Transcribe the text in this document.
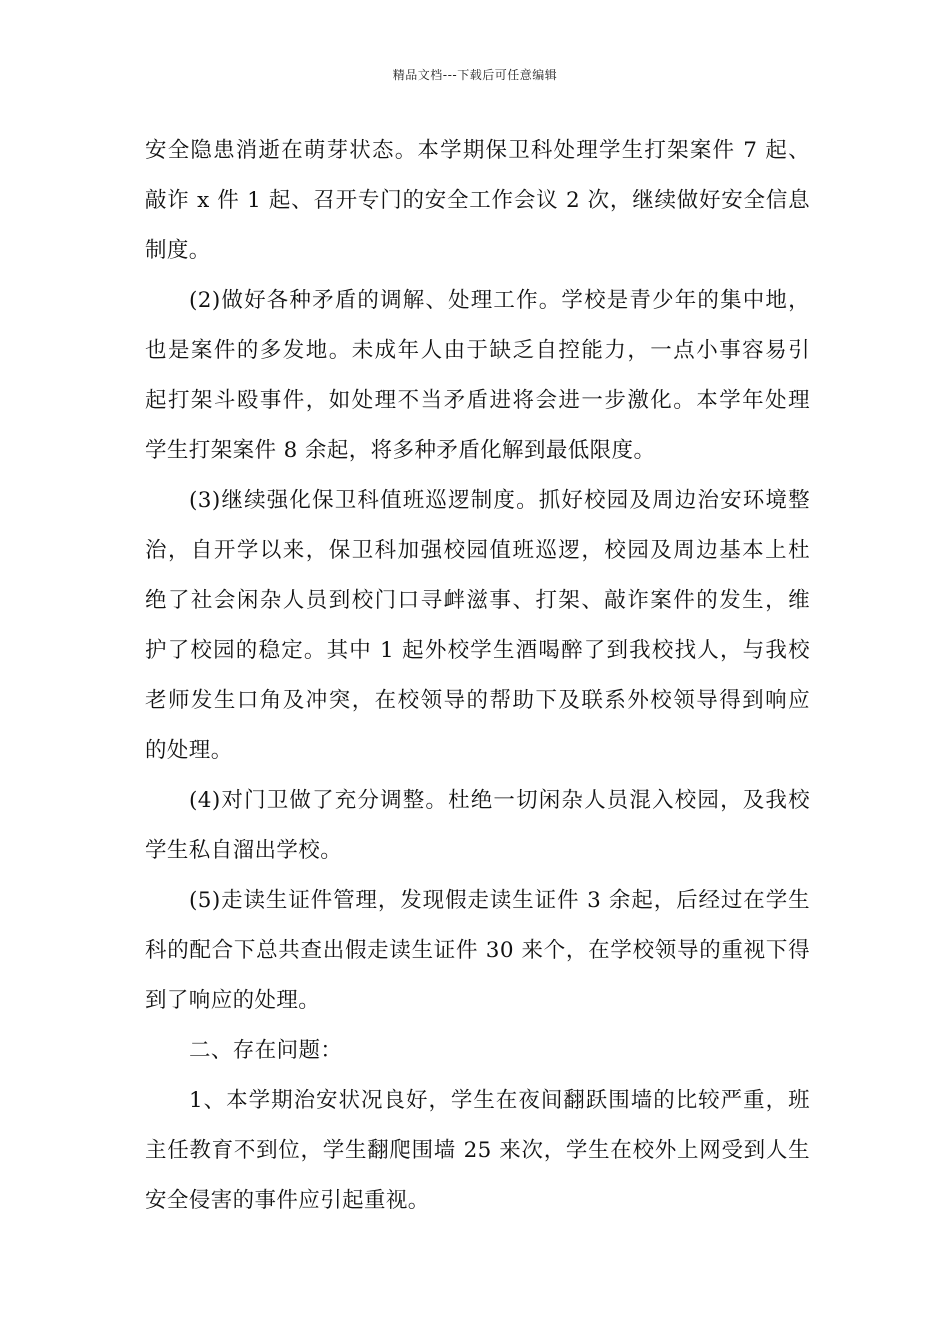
精品文档---下载后可任意编辑
安全隐患消逝在萌芽状态。本学期保卫科处理学生打架案件 7 起、
敲诈 x 件 1 起、召开专门的安全工作会议 2 次，继续做好安全信息
制度。
(2)做好各种矛盾的调解、处理工作。学校是青少年的集中地，
也是案件的多发地。未成年人由于缺乏自控能力，一点小事容易引
起打架斗殴事件，如处理不当矛盾进将会进一步激化。本学年处理
学生打架案件 8 余起，将多种矛盾化解到最低限度。
(3)继续强化保卫科值班巡逻制度。抓好校园及周边治安环境整
治，自开学以来，保卫科加强校园值班巡逻，校园及周边基本上杜
绝了社会闲杂人员到校门口寻衅滋事、打架、敲诈案件的发生，维
护了校园的稳定。其中 1 起外校学生酒喝醉了到我校找人，与我校
老师发生口角及冲突，在校领导的帮助下及联系外校领导得到响应
的处理。
(4)对门卫做了充分调整。杜绝一切闲杂人员混入校园，及我校
学生私自溜出学校。
(5)走读生证件管理，发现假走读生证件 3 余起，后经过在学生
科的配合下总共查出假走读生证件 30 来个，在学校领导的重视下得
到了响应的处理。
二、存在问题：
1、本学期治安状况良好，学生在夜间翻跃围墙的比较严重，班
主任教育不到位，学生翻爬围墙 25 来次，学生在校外上网受到人生
安全侵害的事件应引起重视。
